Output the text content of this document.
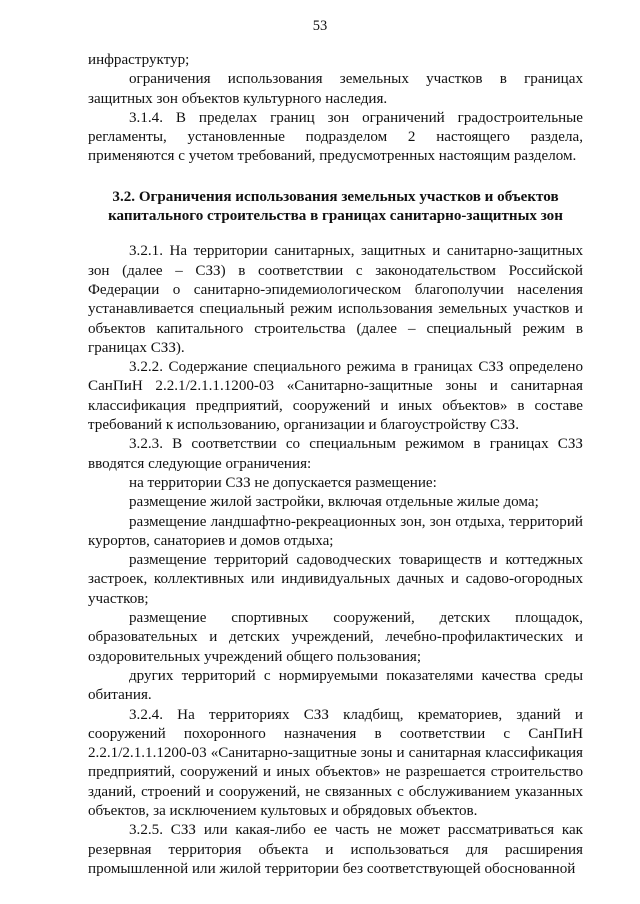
53

инфраструктур;

ограничения использования земельных участков в границах защитных зон объектов культурного наследия.

3.1.4. В пределах границ зон ограничений градостроительные регламенты, установленные подразделом 2 настоящего раздела, применяются с учетом требований, предусмотренных настоящим разделом.

3.2. Ограничения использования земельных участков и объектов капитального строительства в границах санитарно-защитных зон

3.2.1. На территории санитарных, защитных и санитарно-защитных зон (далее – СЗЗ) в соответствии с законодательством Российской Федерации о санитарно-эпидемиологическом благополучии населения устанавливается специальный режим использования земельных участков и объектов капитального строительства (далее – специальный режим в границах СЗЗ).

3.2.2. Содержание специального режима в границах СЗЗ определено СанПиН 2.2.1/2.1.1.1200-03 «Санитарно-защитные зоны и санитарная классификация предприятий, сооружений и иных объектов» в составе требований к использованию, организации и благоустройству СЗЗ.

3.2.3. В соответствии со специальным режимом в границах СЗЗ вводятся следующие ограничения:

на территории СЗЗ не допускается размещение:

размещение жилой застройки, включая отдельные жилые дома;

размещение ландшафтно-рекреационных зон, зон отдыха, территорий курортов, санаториев и домов отдыха;

размещение территорий садоводческих товариществ и коттеджных застроек, коллективных или индивидуальных дачных и садово-огородных участков;

размещение спортивных сооружений, детских площадок, образовательных и детских учреждений, лечебно-профилактических и оздоровительных учреждений общего пользования;

других территорий с нормируемыми показателями качества среды обитания.

3.2.4. На территориях СЗЗ кладбищ, крематориев, зданий и сооружений похоронного назначения в соответствии с СанПиН 2.2.1/2.1.1.1200-03 «Санитарно-защитные зоны и санитарная классификация предприятий, сооружений и иных объектов» не разрешается строительство зданий, строений и сооружений, не связанных с обслуживанием указанных объектов, за исключением культовых и обрядовых объектов.

3.2.5. СЗЗ или какая-либо ее часть не может рассматриваться как резервная территория объекта и использоваться для расширения промышленной или жилой территории без соответствующей обоснованной
